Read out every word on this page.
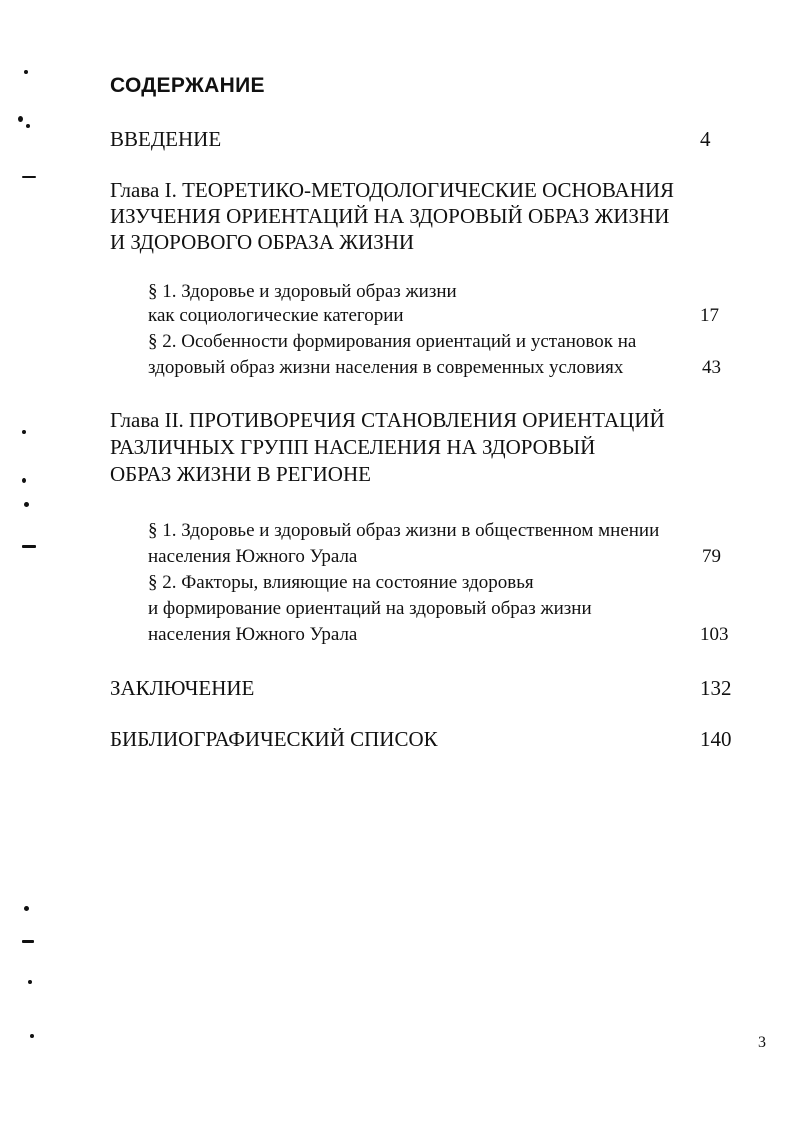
СОДЕРЖАНИЕ
ВВЕДЕНИЕ	4
Глава I. ТЕОРЕТИКО-МЕТОДОЛОГИЧЕСКИЕ ОСНОВАНИЯ
ИЗУЧЕНИЯ ОРИЕНТАЦИЙ НА ЗДОРОВЫЙ ОБРАЗ ЖИЗНИ
И ЗДОРОВОГО ОБРАЗА ЖИЗНИ
§ 1. Здоровье и здоровый образ жизни
как социологические категории	17
§ 2. Особенности формирования ориентаций и установок на
здоровый образ жизни населения в современных условиях	43
Глава II. ПРОТИВОРЕЧИЯ СТАНОВЛЕНИЯ ОРИЕНТАЦИЙ
РАЗЛИЧНЫХ ГРУПП НАСЕЛЕНИЯ НА ЗДОРОВЫЙ
ОБРАЗ ЖИЗНИ В РЕГИОНЕ
§ 1. Здоровье и здоровый образ жизни в общественном мнении
населения Южного Урала	79
§ 2. Факторы, влияющие на состояние здоровья
и формирование ориентаций на здоровый образ жизни
населения Южного Урала	103
ЗАКЛЮЧЕНИЕ	132
БИБЛИОГРАФИЧЕСКИЙ СПИСОК	140
3
